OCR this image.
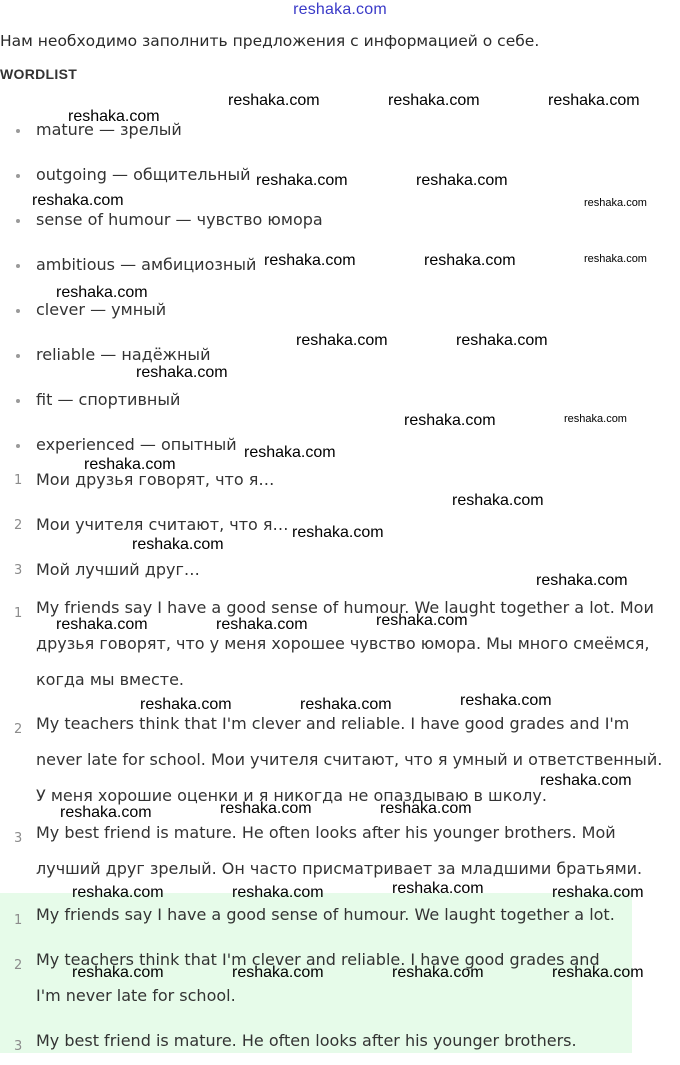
reshaka.com
Нам необходимо заполнить предложения с информацией о себе.
WORDLIST
mature — зрелый
outgoing — общительный
sense of humour — чувство юмора
ambitious — амбициозный
clever — умный
reliable — надёжный
fit — спортивный
experienced — опытный
1 Мои друзья говорят, что я…
2 Мои учителя считают, что я…
3 Мой лучший друг…
1 My friends say I have a good sense of humour. We laught together a lot. Мои друзья говорят, что у меня хорошее чувство юмора. Мы много смеёмся, когда мы вместе.
2 My teachers think that I'm clever and reliable. I have good grades and I'm never late for school. Мои учителя считают, что я умный и ответственный. У меня хорошие оценки и я никогда не опаздываю в школу.
3 My best friend is mature. He often looks after his younger brothers. Мой лучший друг зрелый. Он часто присматривает за младшими братьями.
1 My friends say I have a good sense of humour. We laught together a lot.
2 My teachers think that I'm clever and reliable. I have good grades and I'm never late for school.
3 My best friend is mature. He often looks after his younger brothers.
reshaka.com	reshaka.com	reshaka.com
reshaka.com
reshaka.com	reshaka.com
reshaka.com	reshaka.com
reshaka.com	reshaka.com	reshaka.com
reshaka.com
reshaka.com	reshaka.com
reshaka.com
reshaka.com	reshaka.com
reshaka.com
reshaka.com
reshaka.com
reshaka.com
reshaka.com
reshaka.com
reshaka.com
reshaka.com	reshaka.com
reshaka.com
reshaka.com	reshaka.com
reshaka.com
reshaka.com	reshaka.com
reshaka.com
reshaka.com
reshaka.com	reshaka.com	reshaka.com
reshaka.com	reshaka.com	reshaka.com	reshaka.com
